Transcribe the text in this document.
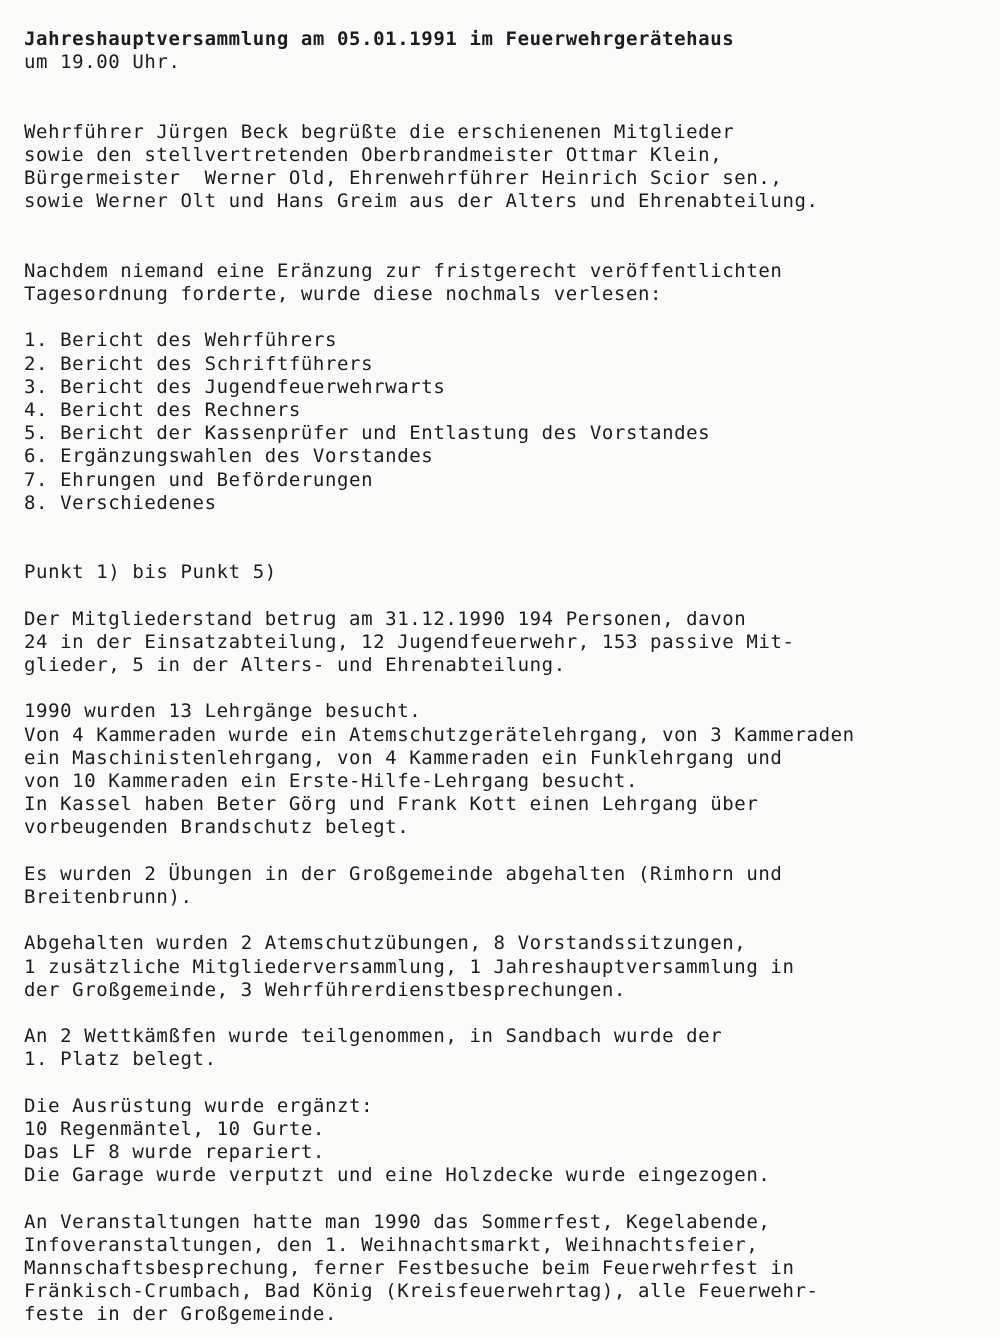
Jahreshauptversammlung am 05.01.1991 im Feuerwehrgerätehaus
um 19.00 Uhr.
Wehrführer Jürgen Beck begrüßte die erschienenen Mitglieder
sowie den stellvertretenden Oberbrandmeister Ottmar Klein,
Bürgermeister  Werner Old, Ehrenwehrführer Heinrich Scior sen.,
sowie Werner Olt und Hans Greim aus der Alters und Ehrenabteilung.
Nachdem niemand eine Eränzung zur fristgerecht veröffentlichten
Tagesordnung forderte, wurde diese nochmals verlesen:
1. Bericht des Wehrführers
2. Bericht des Schriftführers
3. Bericht des Jugendfeuerwehrwarts
4. Bericht des Rechners
5. Bericht der Kassenprüfer und Entlastung des Vorstandes
6. Ergänzungswahlen des Vorstandes
7. Ehrungen und Beförderungen
8. Verschiedenes
Punkt 1) bis Punkt 5)
Der Mitgliederstand betrug am 31.12.1990 194 Personen, davon
24 in der Einsatzabteilung, 12 Jugendfeuerwehr, 153 passive Mit-
glieder, 5 in der Alters- und Ehrenabteilung.
1990 wurden 13 Lehrgänge besucht.
Von 4 Kammeraden wurde ein Atemschutzgerätelehrgang, von 3 Kammeraden
ein Maschinistenlehrgang, von 4 Kammeraden ein Funklehrgang und
von 10 Kammeraden ein Erste-Hilfe-Lehrgang besucht.
In Kassel haben Beter Görg und Frank Kott einen Lehrgang über
vorbeugenden Brandschutz belegt.
Es wurden 2 Übungen in der Großgemeinde abgehalten (Rimhorn und
Breitenbrunn).
Abgehalten wurden 2 Atemschutzübungen, 8 Vorstandssitzungen,
1 zusätzliche Mitgliederversammlung, 1 Jahreshauptversammlung in
der Großgemeinde, 3 Wehrführerdienstbesprechungen.
An 2 Wettkämßfen wurde teilgenommen, in Sandbach wurde der
1. Platz belegt.
Die Ausrüstung wurde ergänzt:
10 Regenmäntel, 10 Gurte.
Das LF 8 wurde repariert.
Die Garage wurde verputzt und eine Holzdecke wurde eingezogen.
An Veranstaltungen hatte man 1990 das Sommerfest, Kegelabende,
Infoveranstaltungen, den 1. Weihnachtsmarkt, Weihnachtsfeier,
Mannschaftsbesprechung, ferner Festbesuche beim Feuerwehrfest in
Fränkisch-Crumbach, Bad König (Kreisfeuerwehrtag), alle Feuerwehr-
feste in der Großgemeinde.
